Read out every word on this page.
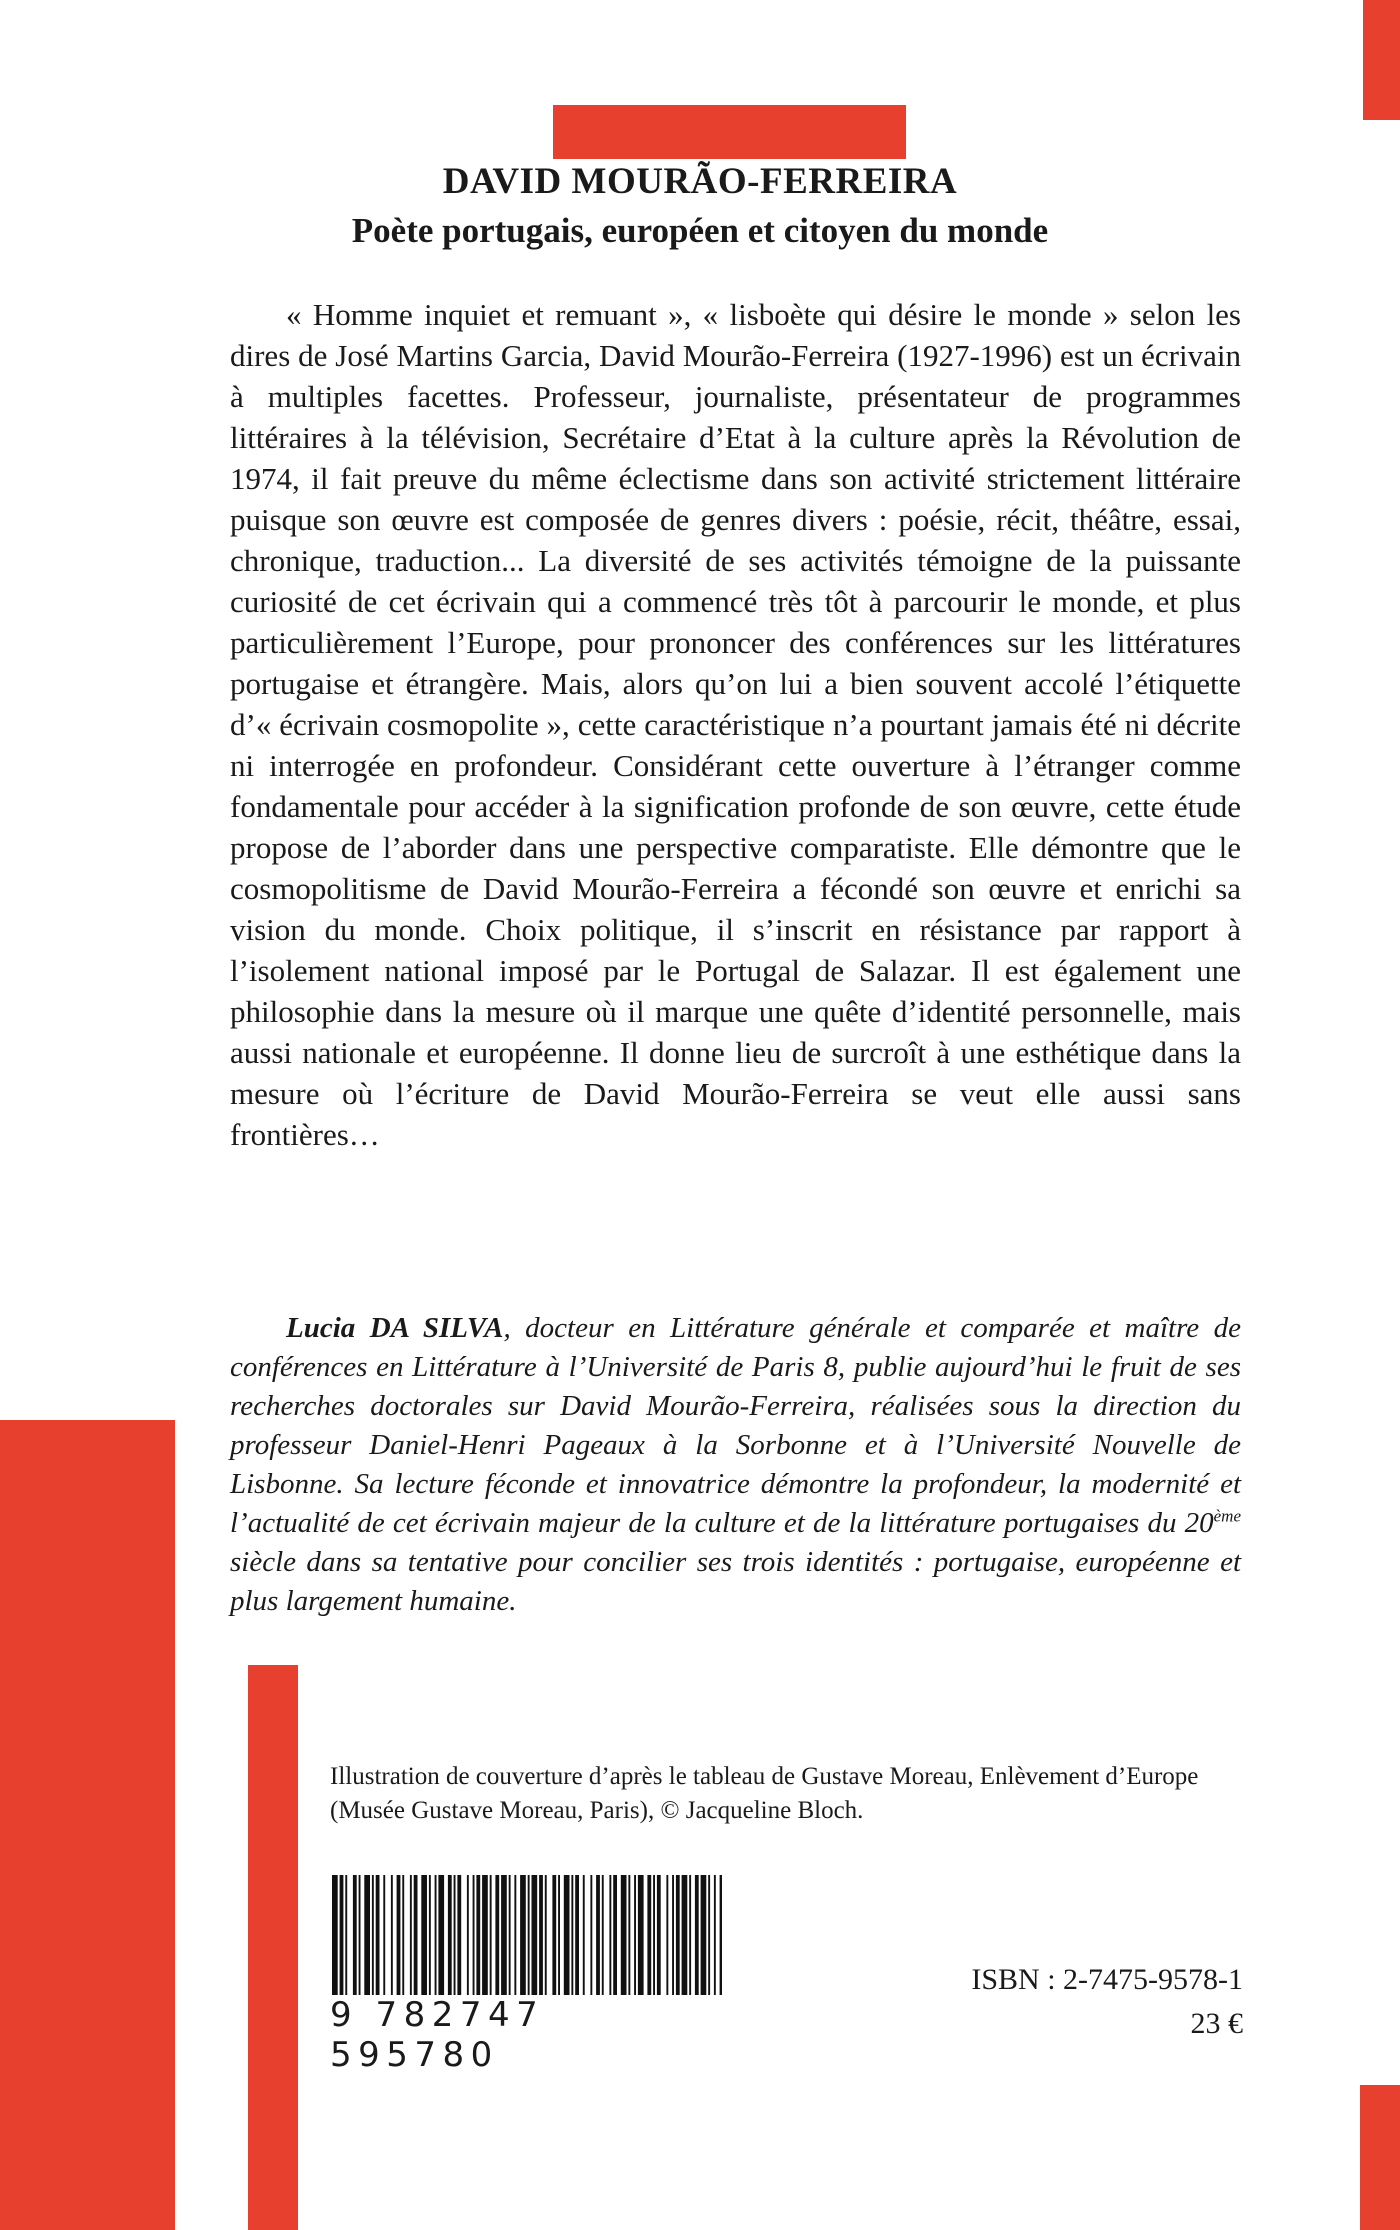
DAVID MOURÃO-FERREIRA
Poète portugais, européen et citoyen du monde

« Homme inquiet et remuant », « lisboète qui désire le monde » selon les dires de José Martins Garcia, David Mourão-Ferreira (1927-1996) est un écrivain à multiples facettes. Professeur, journaliste, présentateur de programmes littéraires à la télévision, Secrétaire d’Etat à la culture après la Révolution de 1974, il fait preuve du même éclectisme dans son activité strictement littéraire puisque son œuvre est composée de genres divers : poésie, récit, théâtre, essai, chronique, traduction... La diversité de ses activités témoigne de la puissante curiosité de cet écrivain qui a commencé très tôt à parcourir le monde, et plus particulièrement l’Europe, pour prononcer des conférences sur les littératures portugaise et étrangère. Mais, alors qu’on lui a bien souvent accolé l’étiquette d’« écrivain cosmopolite », cette caractéristique n’a pourtant jamais été ni décrite ni interrogée en profondeur. Considérant cette ouverture à l’étranger comme fondamentale pour accéder à la signification profonde de son œuvre, cette étude propose de l’aborder dans une perspective comparatiste. Elle démontre que le cosmopolitisme de David Mourão-Ferreira a fécondé son œuvre et enrichi sa vision du monde. Choix politique, il s’inscrit en résistance par rapport à l’isolement national imposé par le Portugal de Salazar. Il est également une philosophie dans la mesure où il marque une quête d’identité personnelle, mais aussi nationale et européenne. Il donne lieu de surcroît à une esthétique dans la mesure où l’écriture de David Mourão-Ferreira se veut elle aussi sans frontières…

Lucia DA SILVA, docteur en Littérature générale et comparée et maître de conférences en Littérature à l’Université de Paris 8, publie aujourd’hui le fruit de ses recherches doctorales sur David Mourão-Ferreira, réalisées sous la direction du professeur Daniel-Henri Pageaux à la Sorbonne et à l’Université Nouvelle de Lisbonne. Sa lecture féconde et innovatrice démontre la profondeur, la modernité et l’actualité de cet écrivain majeur de la culture et de la littérature portugaises du 20ème siècle dans sa tentative pour concilier ses trois identités : portugaise, européenne et plus largement humaine.

Illustration de couverture d’après le tableau de Gustave Moreau, Enlèvement d’Europe (Musée Gustave Moreau, Paris), © Jacqueline Bloch.

9 782747 595780
ISBN : 2-7475-9578-1
23 €
